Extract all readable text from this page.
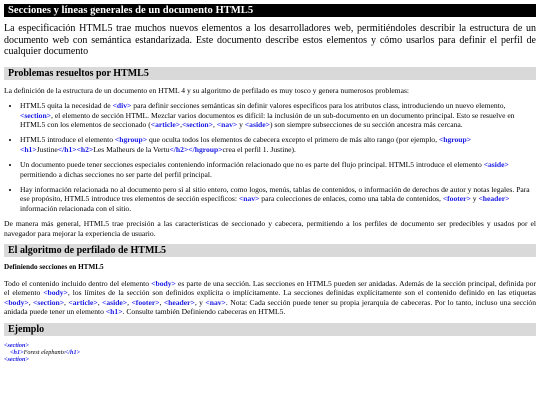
Secciones y líneas generales de un documento HTML5

La especificación HTML5 trae muchos nuevos elementos a los desarrolladores web, permitiéndoles describir la estructura de un documento web con semántica estandarizada. Este documento describe estos elementos y cómo usarlos para definir el perfil de cualquier documento

Problemas resueltos por HTML5

La definición de la estructura de un documento en HTML 4 y su algoritmo de perfilado es muy tosco y genera numerosos problemas:

• HTML5 quita la necesidad de <div> para definir secciones semánticas sin definir valores específicos para los atributos class, introduciendo un nuevo elemento, <section>, el elemento de sección HTML. Mezclar varios documentos es difícil: la inclusión de un sub-documento en un documento principal. Esto se resuelve en HTML5 con los elementos de seccionado (<article>,<section>, <nav> y <aside>) son siempre subsecciones de su sección ancestra más cercana.
• HTML5 introduce el elemento <hgroup> que oculta todos los elementos de cabecera excepto el primero de más alto rango (por ejemplo, <hgroup>
<h1>Justine</h1><h2>Les Malheurs de la Vertu</h2></hgroup>crea el perfil 1. Justine).
• Un documento puede tener secciones especiales conteniendo información relacionado que no es parte del flujo principal. HTML5 introduce el elemento <aside> permitiendo a dichas secciones no ser parte del perfil principal.
• Hay información relacionada no al documento pero sí al sitio entero, como logos, menús, tablas de contenidos, o información de derechos de autor y notas legales. Para ese propósito, HTML5 introduce tres elementos de sección específicos: <nav> para colecciones de enlaces, como una tabla de contenidos, <footer> y <header> información relacionada con el sitio.

De manera más general, HTML5 trae precisión a las características de seccionado y cabecera, permitiendo a los perfiles de documento ser predecibles y usados por el navegador para mejorar la experiencia de usuario.

El algoritmo de perfilado de HTML5
Definiendo secciones en HTML5

Todo el contenido incluido dentro del elemento <body> es parte de una sección. Las secciones en HTML5 pueden ser anidadas. Además de la sección principal, definida por el elemento <body>, los límites de la sección son definidos explícita o implícitamente. La secciones definidas explícitamente son el contenido definido en las etiquetas <body>, <section>, <article>, <aside>, <footer>, <header>, y <nav>. Nota: Cada sección puede tener su propia jerarquía de cabeceras. Por lo tanto, incluso una sección anidada puede tener un elemento <h1>. Consulte también Definiendo cabeceras en HTML5.

Ejemplo
<section>
<h1>Forest elephants</h1>
<section>
